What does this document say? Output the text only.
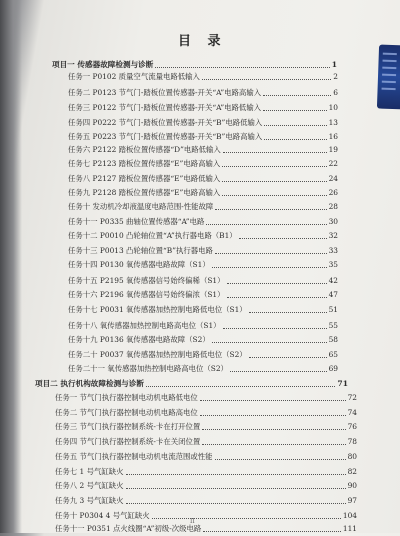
目 录
项目一 传感器故障检测与诊断	1
任务一 P0102 质量空气流量电路低输入	2
任务二 P0123 节气门-踏板位置传感器-开关“A”电路高输入	6
任务三 P0122 节气门-踏板位置传感器-开关“A”电路低输入	10
任务四 P0222 节气门-踏板位置传感器-开关“B”电路低输入	13
任务五 P0223 节气门-踏板位置传感器-开关“B”电路高输入	16
任务六 P2122 踏板位置传感器“D”电路低输入	19
任务七 P2123 踏板位置传感器“E”电路高输入	22
任务八 P2127 踏板位置传感器“E”电路低输入	24
任务九 P2128 踏板位置传感器“E”电路高输入	26
任务十 发动机冷却液温度电路范围-性能故障	28
任务十一 P0335 曲轴位置传感器“A”电路	30
任务十二 P0010 凸轮轴位置“A”执行器电路（B1）	32
任务十三 P0013 凸轮轴位置“B”执行器电路	33
任务十四 P0130 氧传感器电路故障（S1）	35
任务十五 P2195 氧传感器信号始终偏稀（S1）	42
任务十六 P2196 氧传感器信号始终偏浓（S1）	47
任务十七 P0031 氧传感器加热控制电路低电位（S1）	51
任务十八 氧传感器加热控制电路高电位（S1）	55
任务十九 P0136 氧传感器电路故障（S2）	58
任务二十 P0037 氧传感器加热控制电路低电位（S2）	65
任务二十一 氧传感器加热控制电路高电位（S2）	69
项目二 执行机构故障检测与诊断	71
任务一 节气门执行器控制电动机电路低电位	72
任务二 节气门执行器控制电动机电路高电位	74
任务三 节气门执行器控制系统-卡在打开位置	76
任务四 节气门执行器控制系统-卡在关闭位置	78
任务五 节气门执行器控制电动机电流范围或性能	80
任务七 1 号气缸缺火	82
任务八 2 号气缸缺火	90
任务九 3 号气缸缺火	97
任务十 P0304 4 号气缸缺火	104
任务十一 P0351 点火线圈“A”初级-次级电路	111
II
